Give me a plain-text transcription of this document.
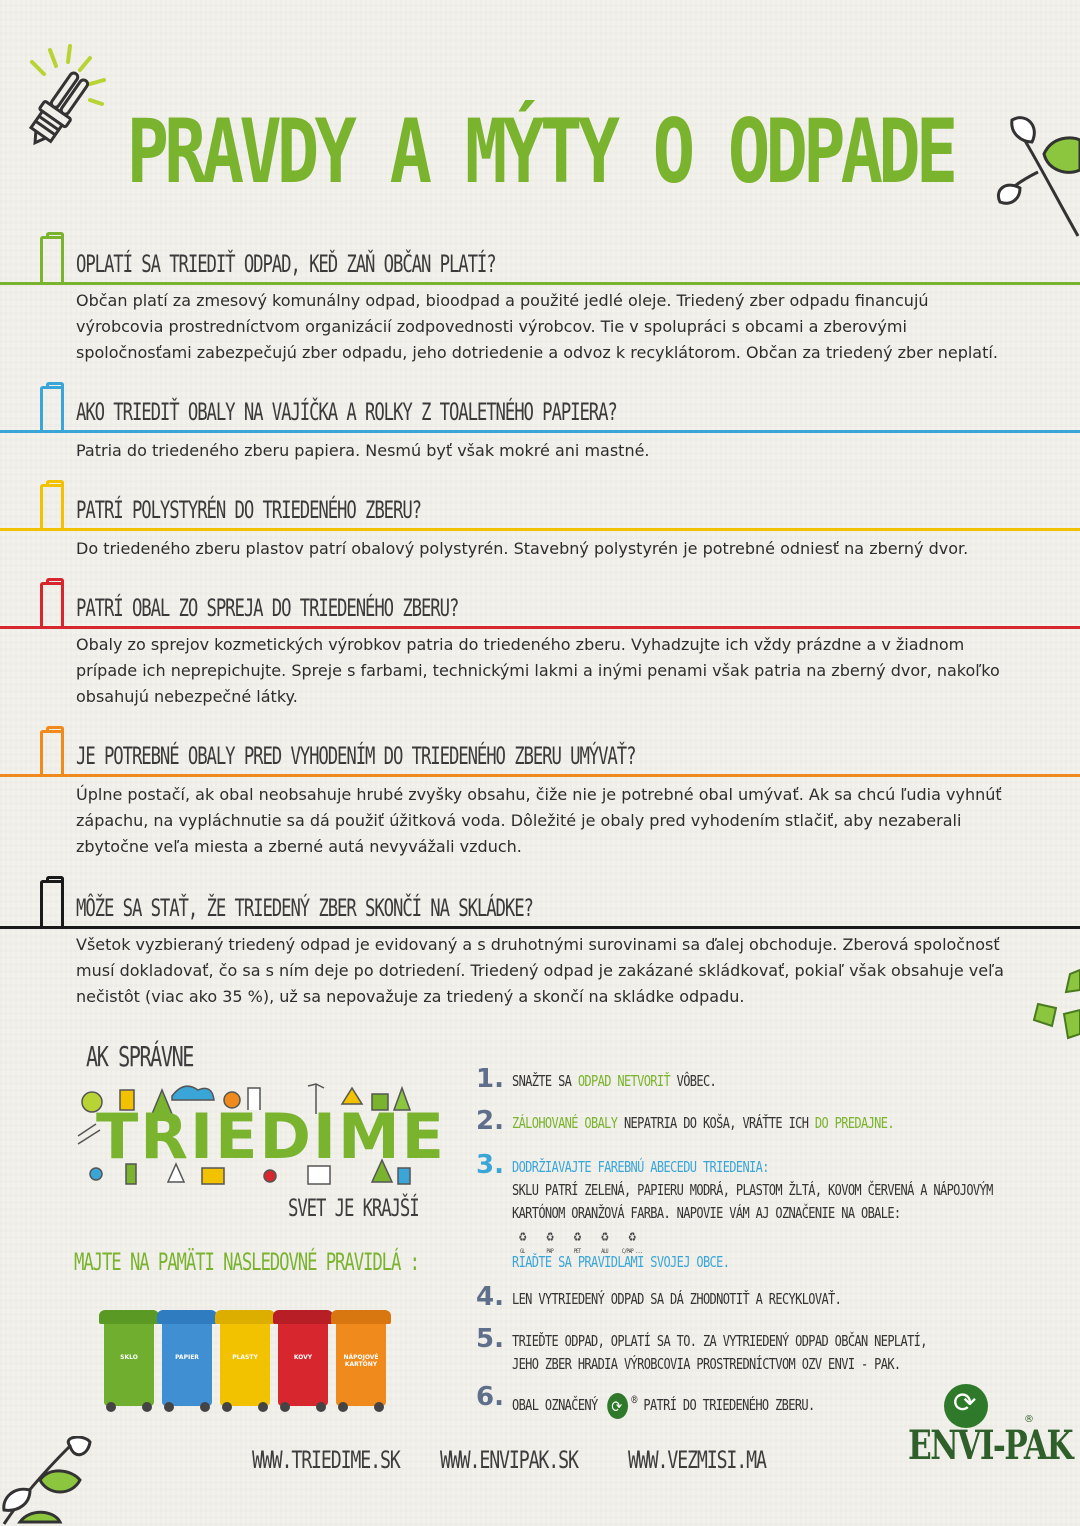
PRAVDY A MÝTY O ODPADE
OPLATÍ SA TRIEDIŤ ODPAD, KEĎ ZAŇ OBČAN PLATÍ?
Občan platí za zmesový komunálny odpad, bioodpad a použité jedlé oleje. Triedený zber odpadu financujú výrobcovia prostredníctvom organizácií zodpovednosti výrobcov. Tie v spolupráci s obcami a zberovými spoločnosťami zabezpečujú zber odpadu, jeho dotriedenie a odvoz k recyklátorom. Občan za triedený zber neplatí.
AKO TRIEDIŤ OBALY NA VAJÍČKA A ROLKY Z TOALETNÉHO PAPIERA?
Patria do triedeného zberu papiera. Nesmú byť však mokré ani mastné.
PATRÍ POLYSTYRÉN DO TRIEDENÉHO ZBERU?
Do triedeného zberu plastov patrí obalový polystyrén. Stavebný polystyrén je potrebné odniesť na zberný dvor.
PATRÍ OBAL ZO SPREJA DO TRIEDENÉHO ZBERU?
Obaly zo sprejov kozmetických výrobkov patria do triedeného zberu. Vyhadzujte ich vždy prázdne a v žiadnom prípade ich neprepichujte. Spreje s farbami, technickými lakmi a inými penami však patria na zberný dvor, nakoľko obsahujú nebezpečné látky.
JE POTREBNÉ OBALY PRED VYHODENÍM DO TRIEDENÉHO ZBERU UMÝVAŤ?
Úplne postačí, ak obal neobsahuje hrubé zvyšky obsahu, čiže nie je potrebné obal umývať. Ak sa chcú ľudia vyhnúť zápachu, na vypláchnutie sa dá použiť úžitková voda. Dôležité je obaly pred vyhodením stlačiť, aby nezaberali zbytočne veľa miesta a zberné autá nevyvážali vzduch.
MÔŽE SA STAŤ, ŽE TRIEDENÝ ZBER SKONČÍ NA SKLÁDKE?
Všetok vyzbieraný triedený odpad je evidovaný a s druhotnými surovinami sa ďalej obchoduje. Zberová spoločnosť musí dokladovať, čo sa s ním deje po dotriedení. Triedený odpad je zakázané skládkovať, pokiaľ však obsahuje veľa nečistôt (viac ako 35 %), už sa nepovažuje za triedený a skončí na skládke odpadu.
AK SPRÁVNE
TRIEDIME
SVET JE KRAJŠÍ
MAJTE NA PAMÄTI NASLEDOVNÉ PRAVIDLÁ :
SKLO	PAPIER	PLASTY	KOVY	NÁPOJOVÉ KARTÓNY
1. SNAŽTE SA ODPAD NETVORIŤ VÔBEC.
2. ZÁLOHOVANÉ OBALY NEPATRIA DO KOŠA, VRÁŤTE ICH DO PREDAJNE.
3. DODRŽIAVAJTE FAREBNÚ ABECEDU TRIEDENIA:
SKLU PATRÍ ZELENÁ, PAPIERU MODRÁ, PLASTOM ŽLTÁ, KOVOM ČERVENÁ A NÁPOJOVÝM
KARTÓNOM ORANŽOVÁ FARBA. NAPOVIE VÁM AJ OZNAČENIE NA OBALE:
♻
GL
♻
PAP
♻
PET
♻
ALU
♻
C/PAP ...
RIAĎTE SA PRAVIDLAMI SVOJEJ OBCE.
4. LEN VYTRIEDENÝ ODPAD SA DÁ ZHODNOTIŤ A RECYKLOVAŤ.
5. TRIEĎTE ODPAD, OPLATÍ SA TO. ZA VYTRIEDENÝ ODPAD OBČAN NEPLATÍ,
JEHO ZBER HRADIA VÝROBCOVIA PROSTREDNÍCTVOM OZV ENVI - PAK.
6. OBAL OZNAČENÝ ⟳ ® PATRÍ DO TRIEDENÉHO ZBERU.
WWW.TRIEDIME.SK WWW.ENVIPAK.SK WWW.VEZMISI.MA
⟳
ENVI-PAK
®
